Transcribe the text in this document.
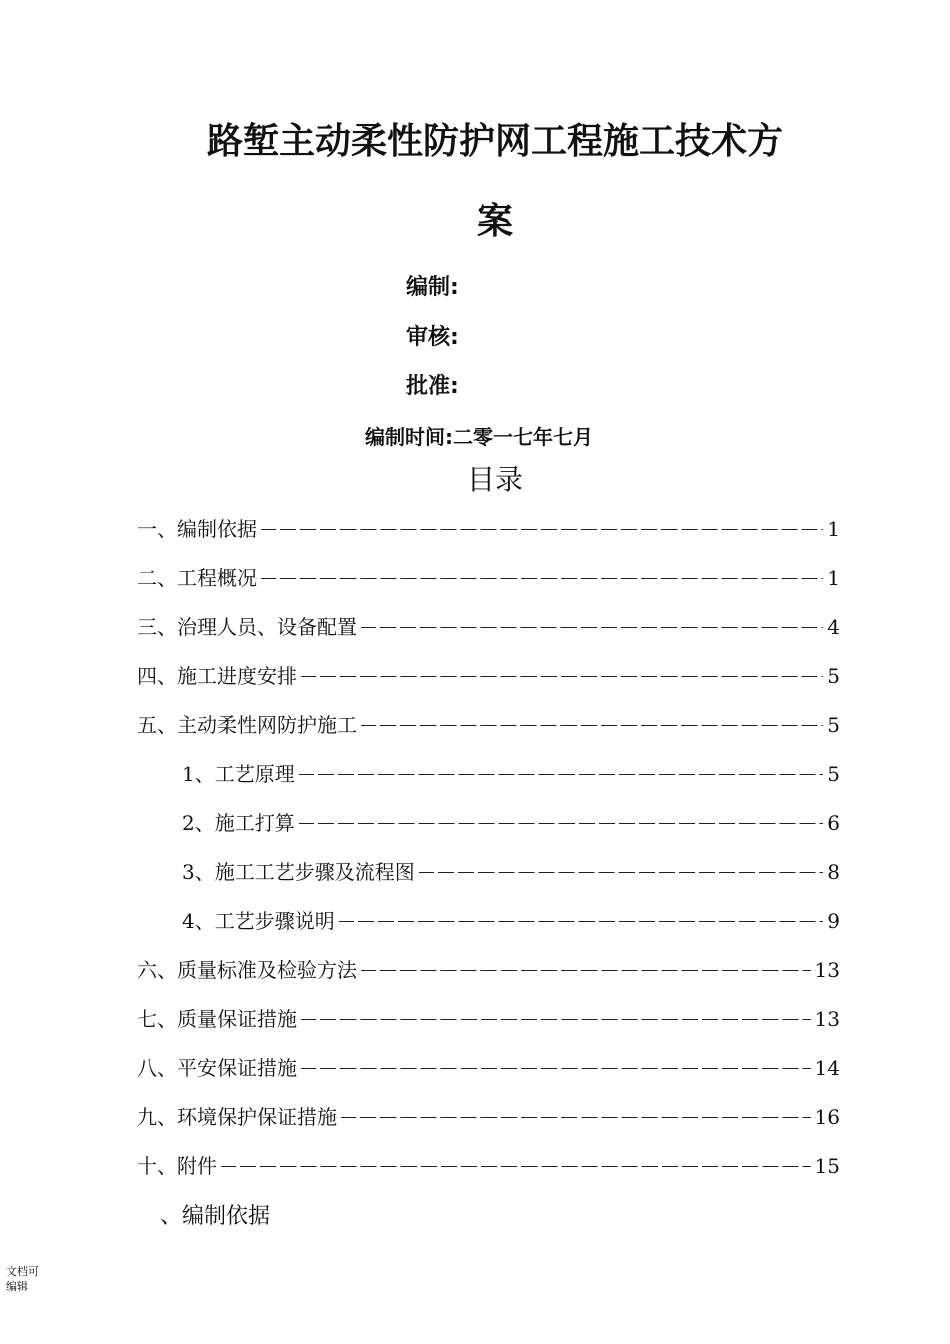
路堑主动柔性防护网工程施工技术方
案
编制:
审核:
批准:
编制时间:二零一七年七月
目录
一、编制依据	1
二、工程概况	1
三、治理人员、设备配置	4
四、施工进度安排	5
五、主动柔性网防护施工	5
1、工艺原理	5
2、施工打算	6
3、施工工艺步骤及流程图	8
4、工艺步骤说明	9
六、质量标准及检验方法	13
七、质量保证措施	13
八、平安保证措施	14
九、环境保护保证措施	16
十、附件	15
、编制依据
文档可编辑
